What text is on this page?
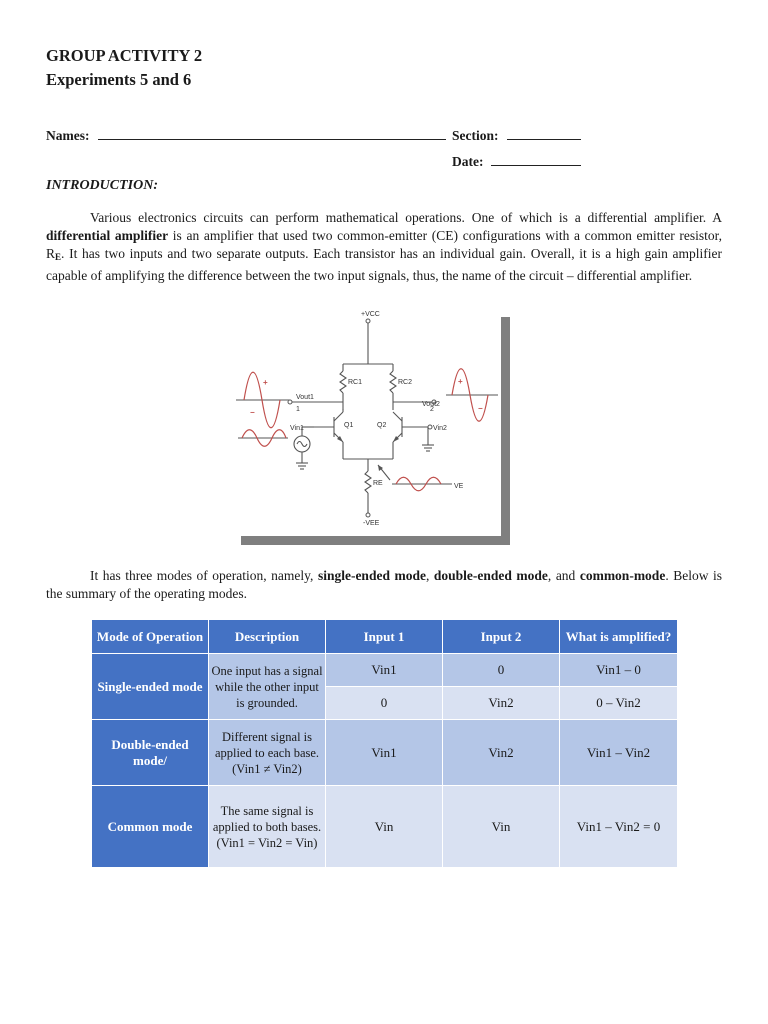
GROUP ACTIVITY 2
Experiments 5 and 6
Names:	Section:
Date:
INTRODUCTION:
Various electronics circuits can perform mathematical operations. One of which is a differential amplifier. A differential amplifier is an amplifier that used two common-emitter (CE) configurations with a common emitter resistor, $R_E$. It has two inputs and two separate outputs. Each transistor has an individual gain. Overall, it is a high gain amplifier capable of amplifying the difference between the two input signals, thus, the name of the circuit – differential amplifier.
+
−
+
−
+VCC
RC1	RC2
Vout1
1
Vout2
2
Q1	Q2
Vin1	Vin2
RE	VE
-VEE
It has three modes of operation, namely, single-ended mode, double-ended mode, and common-mode. Below is the summary of the operating modes.
Mode of Operation	Description	Input 1	Input 2	What is amplified?
Single-ended mode	One input has a signal while the other input is grounded.	Vin1	0	Vin1 – 0
		0	Vin2	0 – Vin2
Double-ended mode/	Different signal is applied to each base. (Vin1 ≠ Vin2)	Vin1	Vin2	Vin1 – Vin2
Common mode	The same signal is applied to both bases. (Vin1 = Vin2 = Vin)	Vin	Vin	Vin1 – Vin2 = 0
